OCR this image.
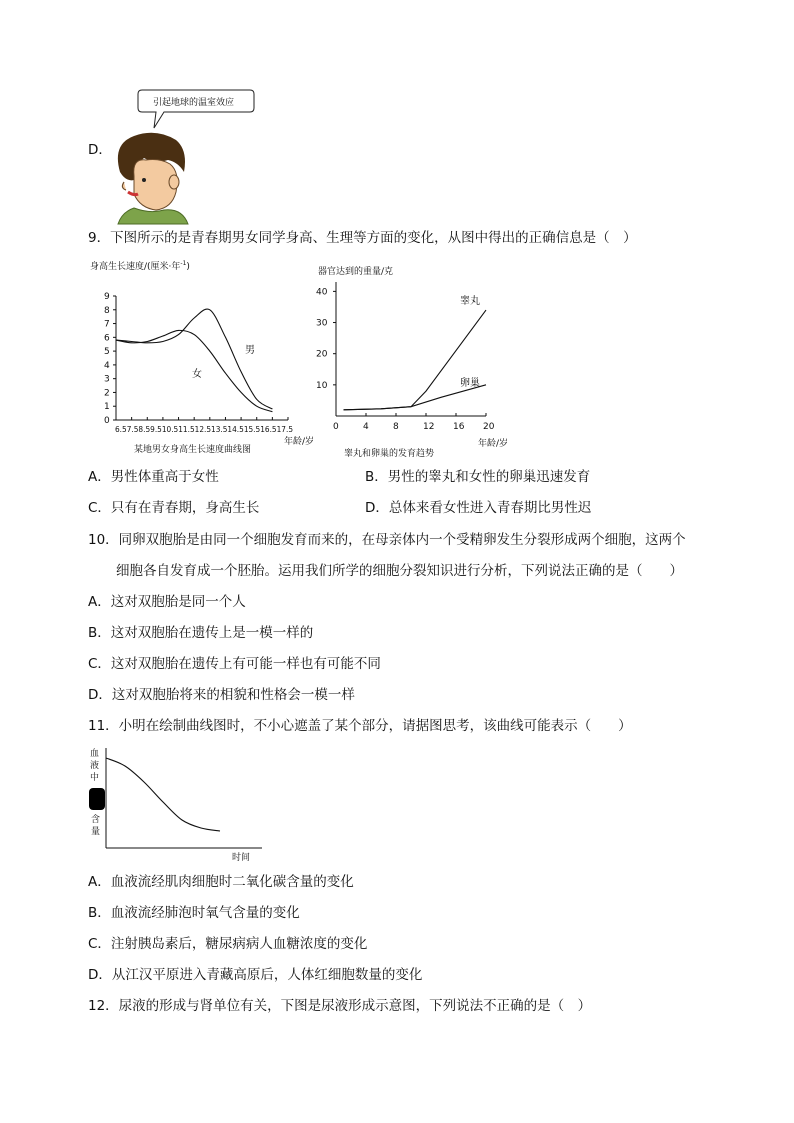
D．
引起地球的温室效应
9．下图所示的是青春期男女同学身高、生理等方面的变化，从图中得出的正确信息是（　）
身高生长速度/(厘米·年$^{-1}$)
0
1
2
3
4
5
6
7
8
9
6.57.58.59.510.511.512.513.514.515.516.517.5
年龄/岁
某地男女身高生长速度曲线图
男
女
器官达到的重量/克
10
20
30
40
0	4	8	12 16 20
年龄/岁
睾丸和卵巢的发育趋势
睾丸
卵巢
A．男性体重高于女性	B．男性的睾丸和女性的卵巢迅速发育
C．只有在青春期，身高生长	D．总体来看女性进入青春期比男性迟
10．同卵双胞胎是由同一个细胞发育而来的，在母亲体内一个受精卵发生分裂形成两个细胞，这两个
细胞各自发育成一个胚胎。运用我们所学的细胞分裂知识进行分析，下列说法正确的是（　　）
A．这对双胞胎是同一个人
B．这对双胞胎在遗传上是一模一样的
C．这对双胞胎在遗传上有可能一样也有可能不同
D．这对双胞胎将来的相貌和性格会一模一样
11．小明在绘制曲线图时，不小心遮盖了某个部分，请据图思考，该曲线可能表示（　　）
血
液
中
含
量
时间
A．血液流经肌肉细胞时二氧化碳含量的变化
B．血液流经肺泡时氧气含量的变化
C．注射胰岛素后，糖尿病病人血糖浓度的变化
D．从江汉平原进入青藏高原后，人体红细胞数量的变化
12．尿液的形成与肾单位有关，下图是尿液形成示意图，下列说法不正确的是（　）
